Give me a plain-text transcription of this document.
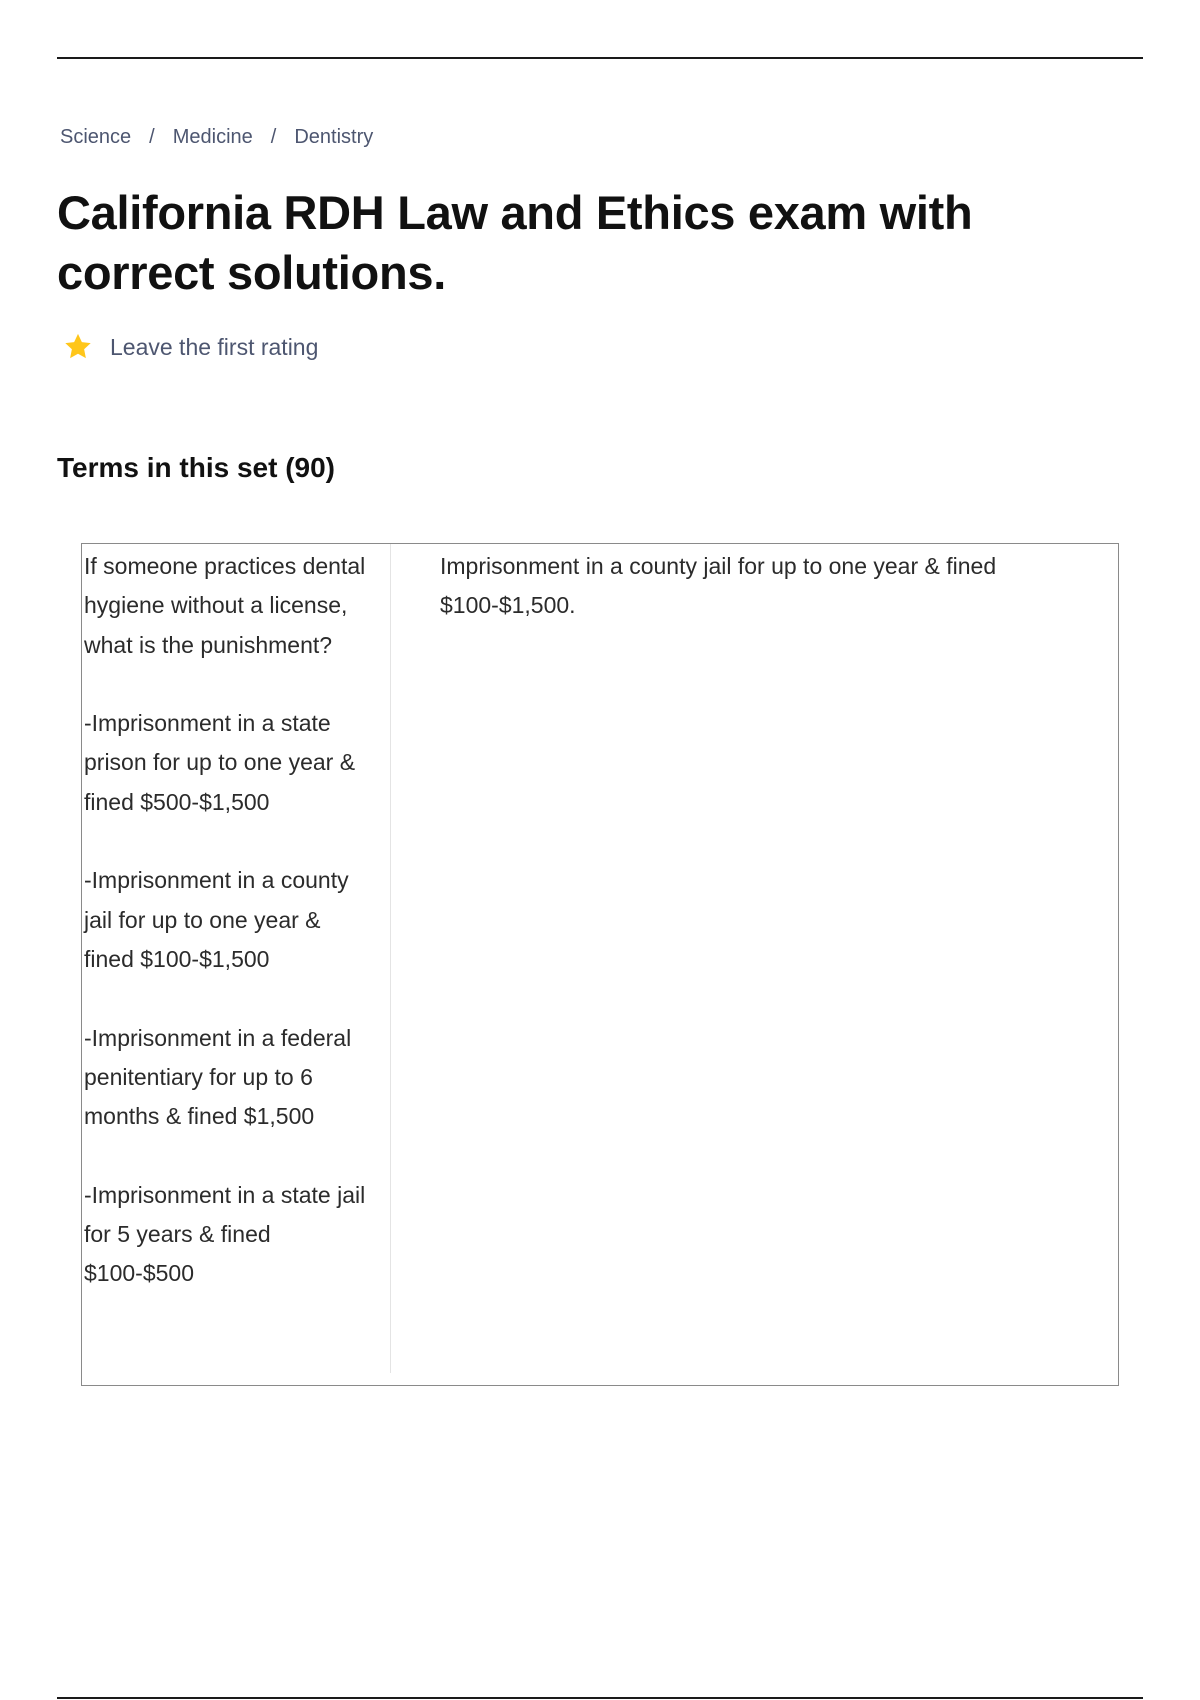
Science / Medicine / Dentistry
California RDH Law and Ethics exam with correct solutions.
Leave the first rating
Terms in this set (90)

If someone practices dental hygiene without a license, what is the punishment?

-Imprisonment in a state prison for up to one year & fined $500-$1,500

-Imprisonment in a county jail for up to one year & fined $100-$1,500

-Imprisonment in a federal penitentiary for up to 6 months & fined $1,500

-Imprisonment in a state jail for 5 years & fined $100-$500

Imprisonment in a county jail for up to one year & fined $100-$1,500.
